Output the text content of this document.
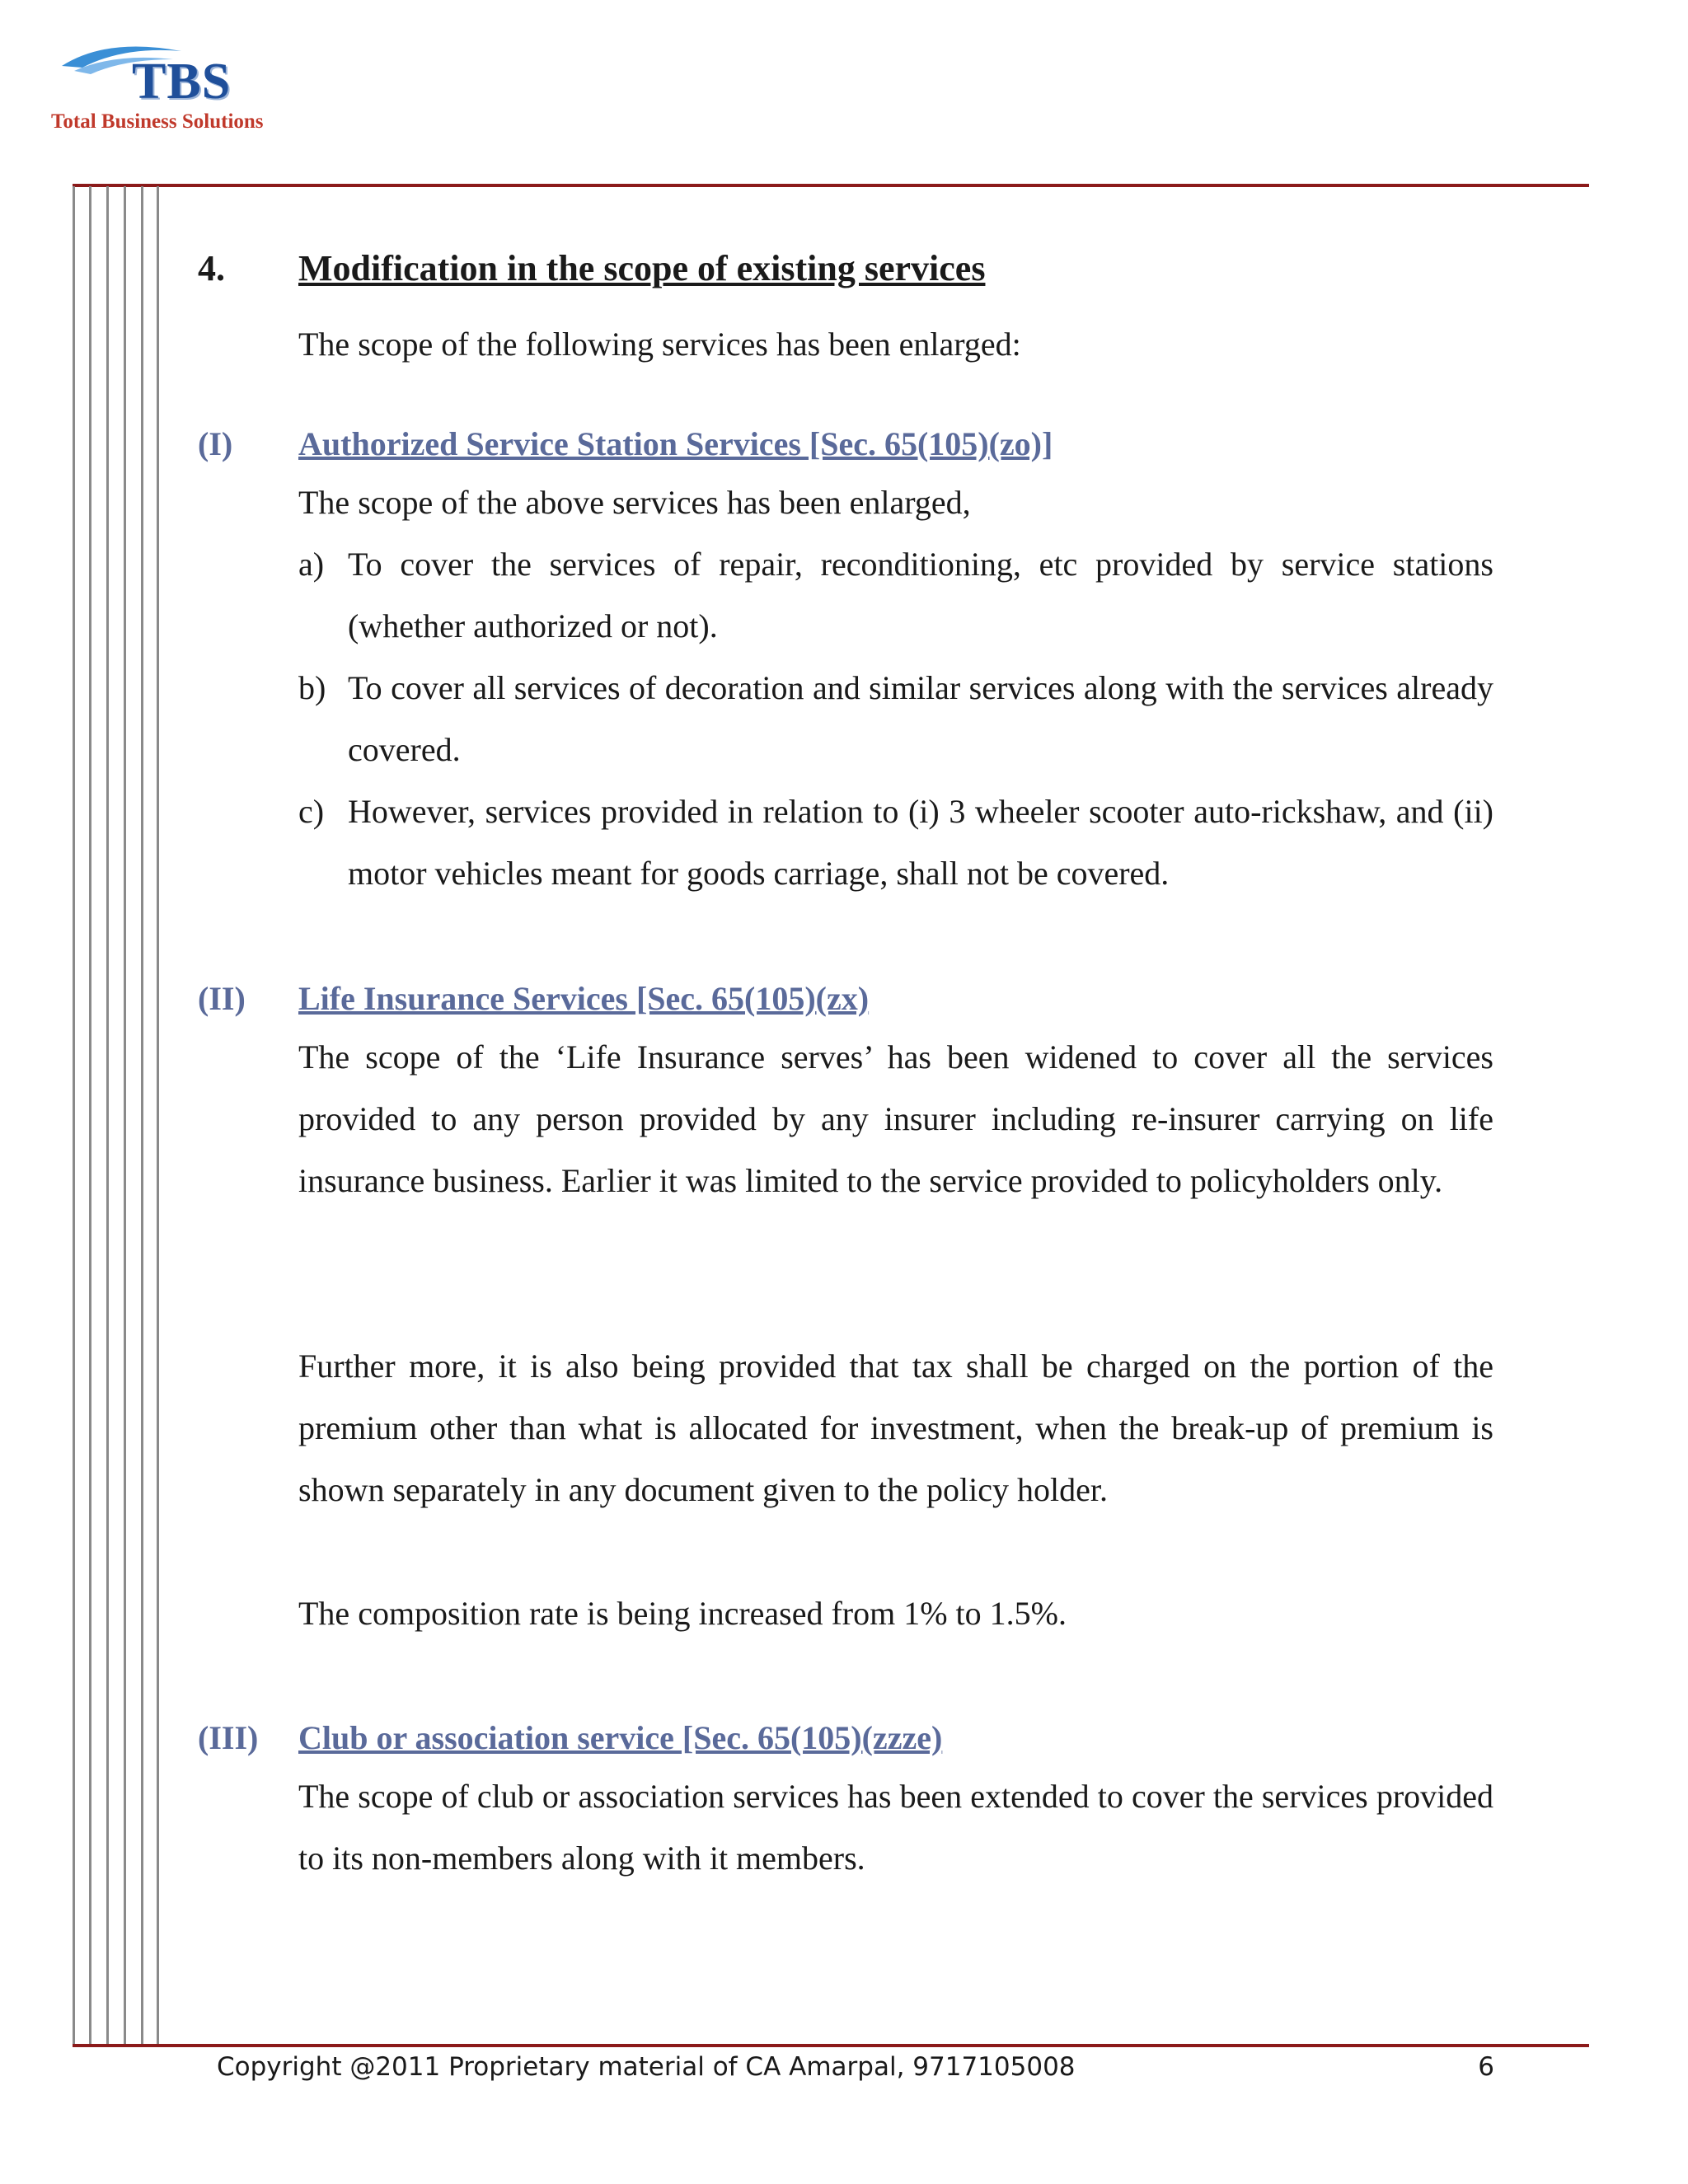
TBS
Total Business Solutions
4. Modification in the scope of existing services
The scope of the following services has been enlarged:
(I) Authorized Service Station Services [Sec. 65(105)(zo)]
The scope of the above services has been enlarged,
a) To cover the services of repair, reconditioning, etc provided by service stations (whether authorized or not).
b) To cover all services of decoration and similar services along with the services already covered.
c) However, services provided in relation to (i) 3 wheeler scooter auto-rickshaw, and (ii) motor vehicles meant for goods carriage, shall not be covered.
(II) Life Insurance Services [Sec. 65(105)(zx)
The scope of the ‘Life Insurance serves’ has been widened to cover all the services provided to any person provided by any insurer including re-insurer carrying on life insurance business. Earlier it was limited to the service provided to policyholders only.
Further more, it is also being provided that tax shall be charged on the portion of the premium other than what is allocated for investment, when the break-up of premium is shown separately in any document given to the policy holder.
The composition rate is being increased from 1% to 1.5%.
(III) Club or association service [Sec. 65(105)(zzze)
The scope of club or association services has been extended to cover the services provided to its non-members along with it members.
Copyright @2011 Proprietary material of CA Amarpal, 9717105008	6
